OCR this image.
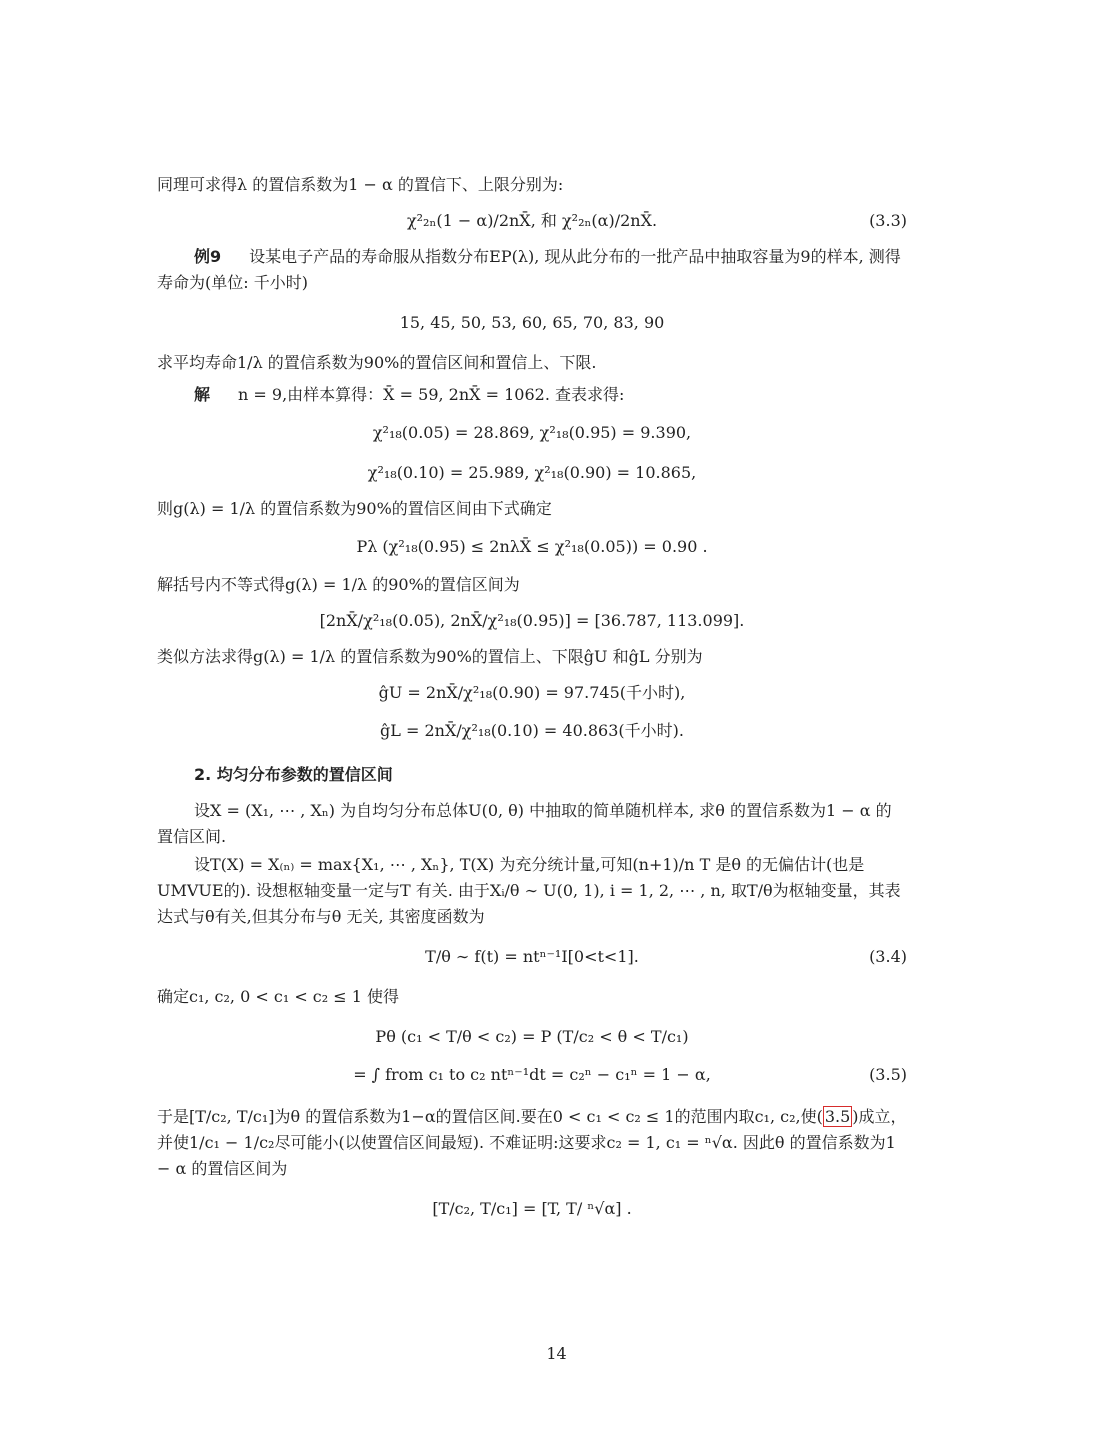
同理可求得λ 的置信系数为1 − α 的置信下、上限分别为:

χ²₂ₙ(1 − α)/2nX̄, 和 χ²₂ₙ(α)/2nX̄.	(3.3)

例9 设某电子产品的寿命服从指数分布EP(λ), 现从此分布的一批产品中抽取容量为9的样本, 测得寿命为(单位: 千小时)

15, 45, 50, 53, 60, 65, 70, 83, 90

求平均寿命1/λ 的置信系数为90%的置信区间和置信上、下限.

解 n = 9,由样本算得：X̄ = 59, 2nX̄ = 1062. 查表求得:

χ²₁₈(0.05) = 28.869, χ²₁₈(0.95) = 9.390,
χ²₁₈(0.10) = 25.989, χ²₁₈(0.90) = 10.865,

则g(λ) = 1/λ 的置信系数为90%的置信区间由下式确定

Pλ (χ²₁₈(0.95) ≤ 2nλX̄ ≤ χ²₁₈(0.05)) = 0.90 .

解括号内不等式得g(λ) = 1/λ 的90%的置信区间为

[2nX̄/χ²₁₈(0.05), 2nX̄/χ²₁₈(0.95)] = [36.787, 113.099].

类似方法求得g(λ) = 1/λ 的置信系数为90%的置信上、下限ĝU 和ĝL 分别为

ĝU = 2nX̄/χ²₁₈(0.90) = 97.745(千小时),
ĝL = 2nX̄/χ²₁₈(0.10) = 40.863(千小时).
2. 均匀分布参数的置信区间

设X = (X₁, ⋯ , Xₙ) 为自均匀分布总体U(0, θ) 中抽取的简单随机样本, 求θ 的置信系数为1 − α 的置信区间.

设T(X) = X₍ₙ₎ = max{X₁, ⋯ , Xₙ}, T(X) 为充分统计量,可知(n+1)/n T 是θ 的无偏估计(也是UMVUE的). 设想枢轴变量一定与T 有关. 由于Xᵢ/θ ∼ U(0, 1), i = 1, 2, ⋯ , n, 取T/θ为枢轴变量，其表达式与θ有关,但其分布与θ 无关, 其密度函数为

T/θ ∼ f(t) = ntⁿ⁻¹I[0<t<1].	(3.4)

确定c₁, c₂, 0 < c₁ < c₂ ≤ 1 使得

Pθ (c₁ < T/θ < c₂) = P (T/c₂ < θ < T/c₁)
= ∫ from c₁ to c₂ ntⁿ⁻¹dt = c₂ⁿ − c₁ⁿ = 1 − α,	(3.5)

于是[T/c₂, T/c₁]为θ 的置信系数为1−α的置信区间.要在0 < c₁ < c₂ ≤ 1的范围内取c₁, c₂,使( 3.5 )成立，并使1/c₁ − 1/c₂尽可能小(以使置信区间最短). 不难证明:这要求c₂ = 1, c₁ = ⁿ√α. 因此θ 的置信系数为1 − α 的置信区间为

[T/c₂, T/c₁] = [T, T/ ⁿ√α] .
14
